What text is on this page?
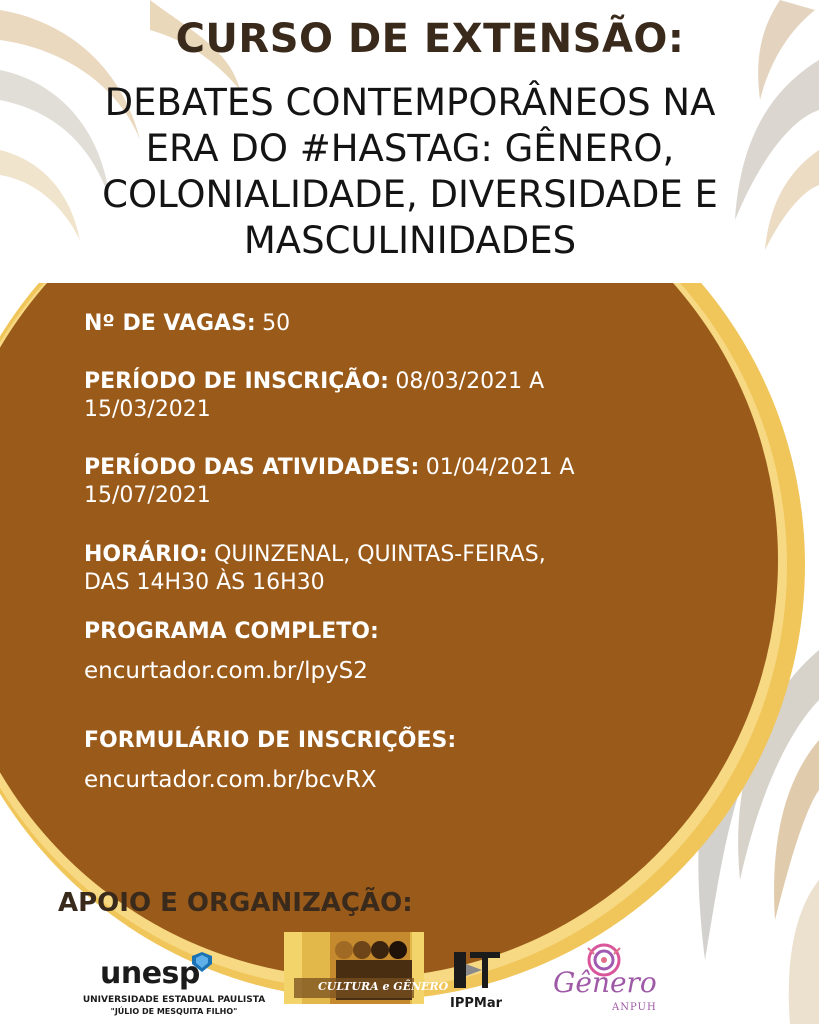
CURSO DE EXTENSÃO:
DEBATES CONTEMPORÂNEOS NA
ERA DO #HASTAG: GÊNERO,
COLONIALIDADE, DIVERSIDADE E
MASCULINIDADES
Nº DE VAGAS: 50
PERÍODO DE INSCRIÇÃO: 08/03/2021 A
15/03/2021
PERÍODO DAS ATIVIDADES: 01/04/2021 A
15/07/2021
HORÁRIO: QUINZENAL, QUINTAS-FEIRAS,
DAS 14H30 ÀS 16H30
PROGRAMA COMPLETO:
encurtador.com.br/lpyS2
FORMULÁRIO DE INSCRIÇÕES:
encurtador.com.br/bcvRX
APOIO E ORGANIZAÇÃO:
unesp
UNIVERSIDADE ESTADUAL PAULISTA
"JÚLIO DE MESQUITA FILHO"
CULTURA e GÊNERO
IPPMar
Gênero
ANPUH
